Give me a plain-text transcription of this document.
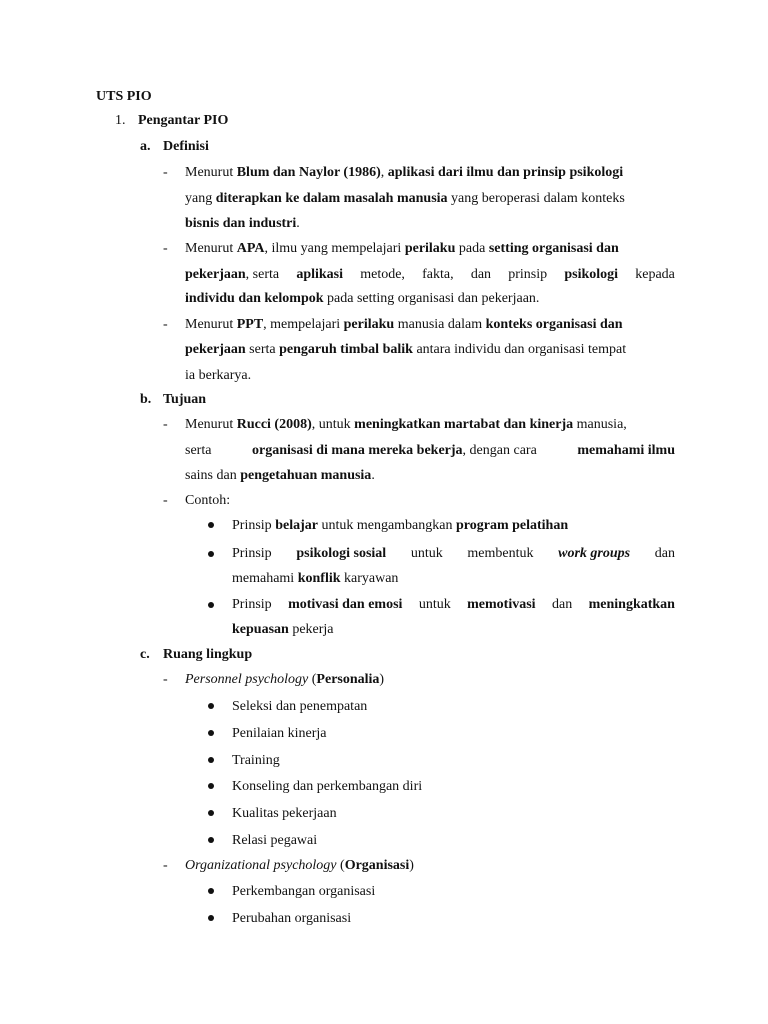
UTS PIO
1. Pengantar PIO
a. Definisi
- Menurut Blum dan Naylor (1986), aplikasi dari ilmu dan prinsip psikologi
yang diterapkan ke dalam masalah manusia yang beroperasi dalam konteks
bisnis dan industri.
- Menurut APA, ilmu yang mempelajari perilaku pada setting organisasi dan
pekerjaan, serta aplikasi metode, fakta, dan prinsip psikologi kepada
individu dan kelompok pada setting organisasi dan pekerjaan.
- Menurut PPT, mempelajari perilaku manusia dalam konteks organisasi dan
pekerjaan serta pengaruh timbal balik antara individu dan organisasi tempat
ia berkarya.
b. Tujuan
- Menurut Rucci (2008), untuk meningkatkan martabat dan kinerja manusia,
serta	organisasi di mana mereka bekerja, dengan cara	memahami ilmu
sains dan pengetahuan manusia.
- Contoh:
Prinsip belajar untuk mengambangkan program pelatihan
Prinsip psikologi sosial untuk membentuk work groups dan
memahami konflik karyawan
Prinsip motivasi dan emosi untuk memotivasi dan meningkatkan
kepuasan pekerja
c. Ruang lingkup
- Personnel psychology (Personalia)
Seleksi dan penempatan
Penilaian kinerja
Training
Konseling dan perkembangan diri
Kualitas pekerjaan
Relasi pegawai
- Organizational psychology (Organisasi)
Perkembangan organisasi
Perubahan organisasi
